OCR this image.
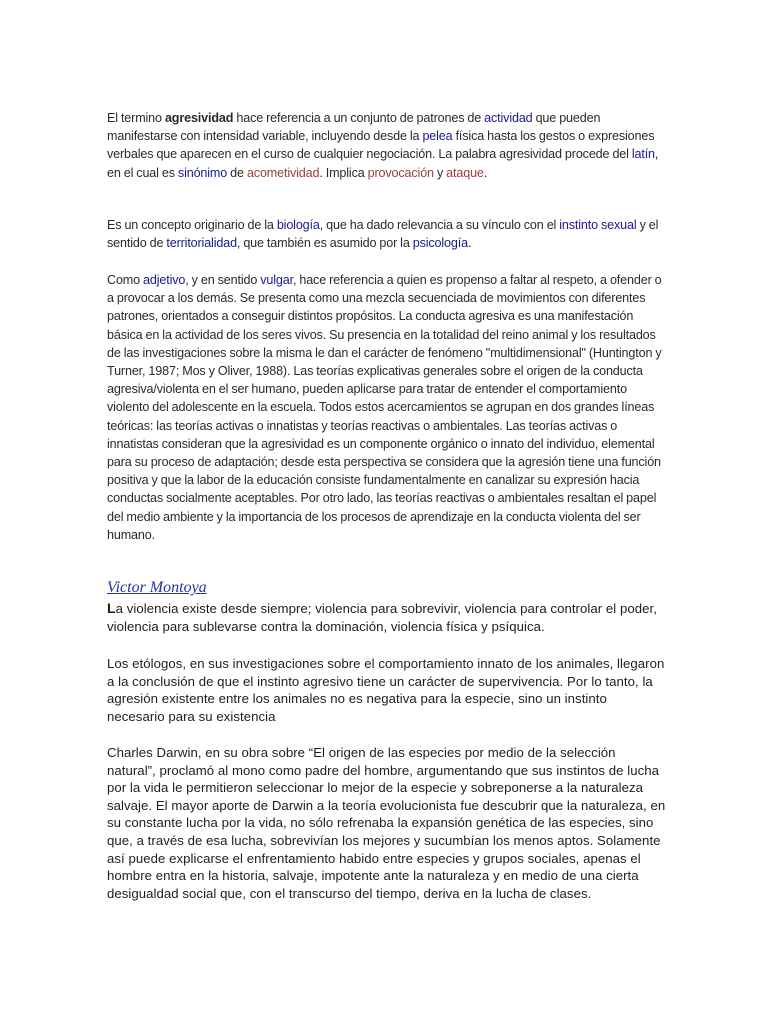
El termino agresividad hace referencia a un conjunto de patrones de actividad que pueden manifestarse con intensidad variable, incluyendo desde la pelea física hasta los gestos o expresiones verbales que aparecen en el curso de cualquier negociación. La palabra agresividad procede del latín, en el cual es sinónimo de acometividad. Implica provocación y ataque.

Es un concepto originario de la biología, que ha dado relevancia a su vínculo con el instinto sexual y el sentido de territorialidad, que también es asumido por la psicología.

Como adjetivo, y en sentido vulgar, hace referencia a quien es propenso a faltar al respeto, a ofender o a provocar a los demás. Se presenta como una mezcla secuenciada de movimientos con diferentes patrones, orientados a conseguir distintos propósitos. La conducta agresiva es una manifestación básica en la actividad de los seres vivos. Su presencia en la totalidad del reino animal y los resultados de las investigaciones sobre la misma le dan el carácter de fenómeno "multidimensional" (Huntington y Turner, 1987; Mos y Oliver, 1988). Las teorías explicativas generales sobre el origen de la conducta agresiva/violenta en el ser humano, pueden aplicarse para tratar de entender el comportamiento violento del adolescente en la escuela. Todos estos acercamientos se agrupan en dos grandes líneas teóricas: las teorías activas o innatistas y teorías reactivas o ambientales. Las teorías activas o innatistas consideran que la agresividad es un componente orgánico o innato del individuo, elemental para su proceso de adaptación; desde esta perspectiva se considera que la agresión tiene una función positiva y que la labor de la educación consiste fundamentalmente en canalizar su expresión hacia conductas socialmente aceptables. Por otro lado, las teorías reactivas o ambientales resaltan el papel del medio ambiente y la importancia de los procesos de aprendizaje en la conducta violenta del ser humano.

Victor Montoya

La violencia existe desde siempre; violencia para sobrevivir, violencia para controlar el poder, violencia para sublevarse contra la dominación, violencia física y psíquica.

Los etólogos, en sus investigaciones sobre el comportamiento innato de los animales, llegaron a la conclusión de que el instinto agresivo tiene un carácter de supervivencia. Por lo tanto, la agresión existente entre los animales no es negativa para la especie, sino un instinto necesario para su existencia

Charles Darwin, en su obra sobre “El origen de las especies por medio de la selección natural”, proclamó al mono como padre del hombre, argumentando que sus instintos de lucha por la vida le permitieron seleccionar lo mejor de la especie y sobreponerse a la naturaleza salvaje. El mayor aporte de Darwin a la teoría evolucionista fue descubrir que la naturaleza, en su constante lucha por la vida, no sólo refrenaba la expansión genética de las especies, sino que, a través de esa lucha, sobrevivían los mejores y sucumbían los menos aptos. Solamente así puede explicarse el enfrentamiento habido entre especies y grupos sociales, apenas el hombre entra en la historia, salvaje, impotente ante la naturaleza y en medio de una cierta desigualdad social que, con el transcurso del tiempo, deriva en la lucha de clases.
